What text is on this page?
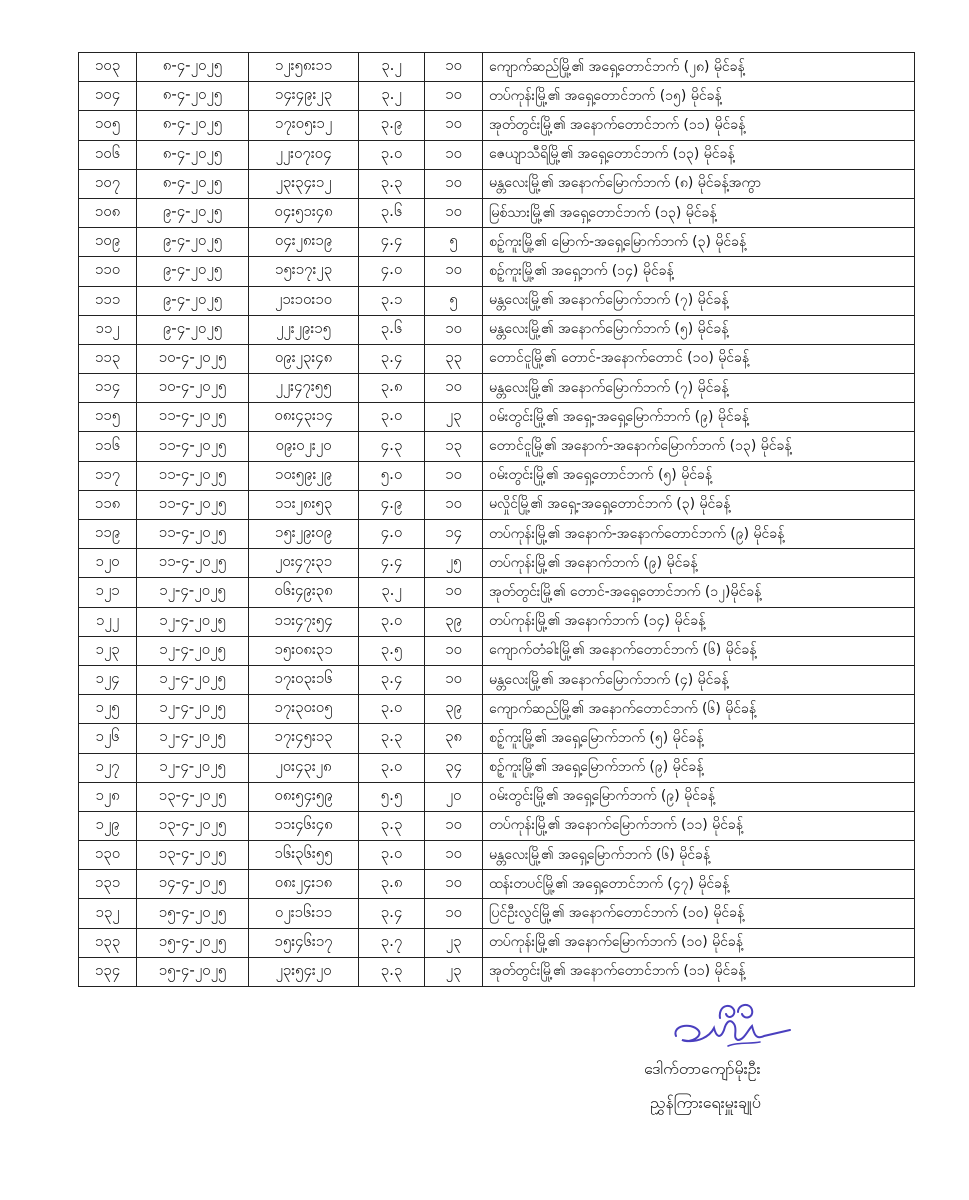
၁၀၃	၈-၄-၂၀၂၅	၁၂း၅၈း၁၁	၃.၂	၁၀	ကျောက်ဆည်မြို့၏ အရှေ့တောင်ဘက် (၂၈) မိုင်ခန့်
၁၀၄	၈-၄-၂၀၂၅	၁၄း၄၉း၂၃	၃.၂	၁၀	တပ်ကုန်းမြို့၏ အရှေ့တောင်ဘက် (၁၅) မိုင်ခန့်
၁၀၅	၈-၄-၂၀၂၅	၁၇း၀၅း၁၂	၃.၉	၁၀	အုတ်တွင်းမြို့၏ အနောက်တောင်ဘက် (၁၁) မိုင်ခန့်
၁၀၆	၈-၄-၂၀၂၅	၂၂း၀၇း၀၄	၃.၀	၁၀	ဇေယျာသီရိမြို့၏ အရှေ့တောင်ဘက် (၁၃) မိုင်ခန့်
၁၀၇	၈-၄-၂၀၂၅	၂၃း၃၄း၁၂	၃.၃	၁၀	မန္တလေးမြို့၏ အနောက်မြောက်ဘက် (၈) မိုင်ခန့်အကွာ
၁၀၈	၉-၄-၂၀၂၅	၀၄း၅၁း၄၈	၃.၆	၁၀	မြစ်သားမြို့၏ အရှေ့တောင်ဘက် (၁၃) မိုင်ခန့်
၁၀၉	၉-၄-၂၀၂၅	၀၄း၂၈း၁၉	၄.၄	၅	စဉ့်ကူးမြို့၏ မြောက်-အရှေ့မြောက်ဘက် (၃) မိုင်ခန့်
၁၁၀	၉-၄-၂၀၂၅	၁၅း၁၇း၂၃	၄.၀	၁၀	စဉ့်ကူးမြို့၏ အရှေ့ဘက် (၁၄) မိုင်ခန့်
၁၁၁	၉-၄-၂၀၂၅	၂၁း၁၀း၁၀	၃.၁	၅	မန္တလေးမြို့၏ အနောက်မြောက်ဘက် (၇) မိုင်ခန့်
၁၁၂	၉-၄-၂၀၂၅	၂၂း၂၉း၁၅	၃.၆	၁၀	မန္တလေးမြို့၏ အနောက်မြောက်ဘက် (၅) မိုင်ခန့်
၁၁၃	၁၀-၄-၂၀၂၅	၀၉း၂၃း၄၈	၃.၄	၃၃	တောင်ငူမြို့၏ တောင်-အနောက်တောင် (၁၀) မိုင်ခန့်
၁၁၄	၁၀-၄-၂၀၂၅	၂၂း၄၇း၅၅	၃.၈	၁၀	မန္တလေးမြို့၏ အနောက်မြောက်ဘက် (၇) မိုင်ခန့်
၁၁၅	၁၁-၄-၂၀၂၅	၀၈း၄၃း၁၄	၃.၀	၂၃	ဝမ်းတွင်းမြို့၏ အရှေ့-အရှေ့မြောက်ဘက် (၉) မိုင်ခန့်
၁၁၆	၁၁-၄-၂၀၂၅	၀၉း၀၂း၂၀	၄.၃	၁၃	တောင်ငူမြို့၏ အနောက်-အနောက်မြောက်ဘက် (၁၃) မိုင်ခန့်
၁၁၇	၁၁-၄-၂၀၂၅	၁၀း၅၉း၂၉	၅.၀	၁၀	ဝမ်းတွင်းမြို့၏ အရှေ့တောင်ဘက် (၅) မိုင်ခန့်
၁၁၈	၁၁-၄-၂၀၂၅	၁၁း၂၈း၅၃	၄.၉	၁၀	မလှိုင်မြို့၏ အရှေ့-အရှေ့တောင်ဘက် (၃) မိုင်ခန့်
၁၁၉	၁၁-၄-၂၀၂၅	၁၅း၂၉း၀၉	၄.၀	၁၄	တပ်ကုန်းမြို့၏ အနောက်-အနောက်တောင်ဘက် (၉) မိုင်ခန့်
၁၂၀	၁၁-၄-၂၀၂၅	၂၀း၄၇း၃၁	၄.၄	၂၅	တပ်ကုန်းမြို့၏ အနောက်ဘက် (၉) မိုင်ခန့်
၁၂၁	၁၂-၄-၂၀၂၅	၀၆း၄၉း၃၈	၃.၂	၁၀	အုတ်တွင်းမြို့၏ တောင်-အရှေ့တောင်ဘက် (၁၂)မိုင်ခန့်
၁၂၂	၁၂-၄-၂၀၂၅	၁၁း၄၇း၅၄	၃.၀	၃၉	တပ်ကုန်းမြို့၏ အနောက်ဘက် (၁၄) မိုင်ခန့်
၁၂၃	၁၂-၄-၂၀၂၅	၁၅း၀၈း၃၁	၃.၅	၁၀	ကျောက်တံခါးမြို့၏ အနောက်တောင်ဘက် (၆) မိုင်ခန့်
၁၂၄	၁၂-၄-၂၀၂၅	၁၇း၀၃း၁၆	၃.၄	၁၀	မန္တလေးမြို့၏ အနောက်မြောက်ဘက် (၄) မိုင်ခန့်
၁၂၅	၁၂-၄-၂၀၂၅	၁၇း၃၀း၀၅	၃.၀	၃၉	ကျောက်ဆည်မြို့၏ အနောက်တောင်ဘက် (၆) မိုင်ခန့်
၁၂၆	၁၂-၄-၂၀၂၅	၁၇း၄၅း၁၃	၃.၃	၃၈	စဉ့်ကူးမြို့၏ အရှေ့မြောက်ဘက် (၅) မိုင်ခန့်
၁၂၇	၁၂-၄-၂၀၂၅	၂၀း၄၃း၂၈	၃.၀	၃၄	စဉ့်ကူးမြို့၏ အရှေ့မြောက်ဘက် (၉) မိုင်ခန့်
၁၂၈	၁၃-၄-၂၀၂၅	၀၈း၅၄း၅၉	၅.၅	၂၀	ဝမ်းတွင်းမြို့၏ အရှေ့မြောက်ဘက် (၉) မိုင်ခန့်
၁၂၉	၁၃-၄-၂၀၂၅	၁၁း၄၆း၄၈	၃.၃	၁၀	တပ်ကုန်းမြို့၏ အနောက်မြောက်ဘက် (၁၁) မိုင်ခန့်
၁၃၀	၁၃-၄-၂၀၂၅	၁၆း၃၆း၅၅	၃.၀	၁၀	မန္တလေးမြို့၏ အရှေ့မြောက်ဘက် (၆) မိုင်ခန့်
၁၃၁	၁၄-၄-၂၀၂၅	၀၈း၂၄း၁၈	၃.၈	၁၀	ထန်းတပင်မြို့၏ အရှေ့တောင်ဘက် (၄၇) မိုင်ခန့်
၁၃၂	၁၅-၄-၂၀၂၅	၀၂း၁၆း၁၁	၃.၄	၁၀	ပြင်ဦးလွင်မြို့၏ အနောက်တောင်ဘက် (၁၀) မိုင်ခန့်
၁၃၃	၁၅-၄-၂၀၂၅	၁၅း၄၆း၁၇	၃.၇	၂၃	တပ်ကုန်းမြို့၏ အနောက်မြောက်ဘက် (၁၀) မိုင်ခန့်
၁၃၄	၁၅-၄-၂၀၂၅	၂၃း၅၄း၂၀	၃.၃	၂၃	အုတ်တွင်းမြို့၏ အနောက်တောင်ဘက် (၁၁) မိုင်ခန့်
ဒေါက်တာကျော်မိုးဦး
ညွှန်ကြားရေးမှူးချုပ်
